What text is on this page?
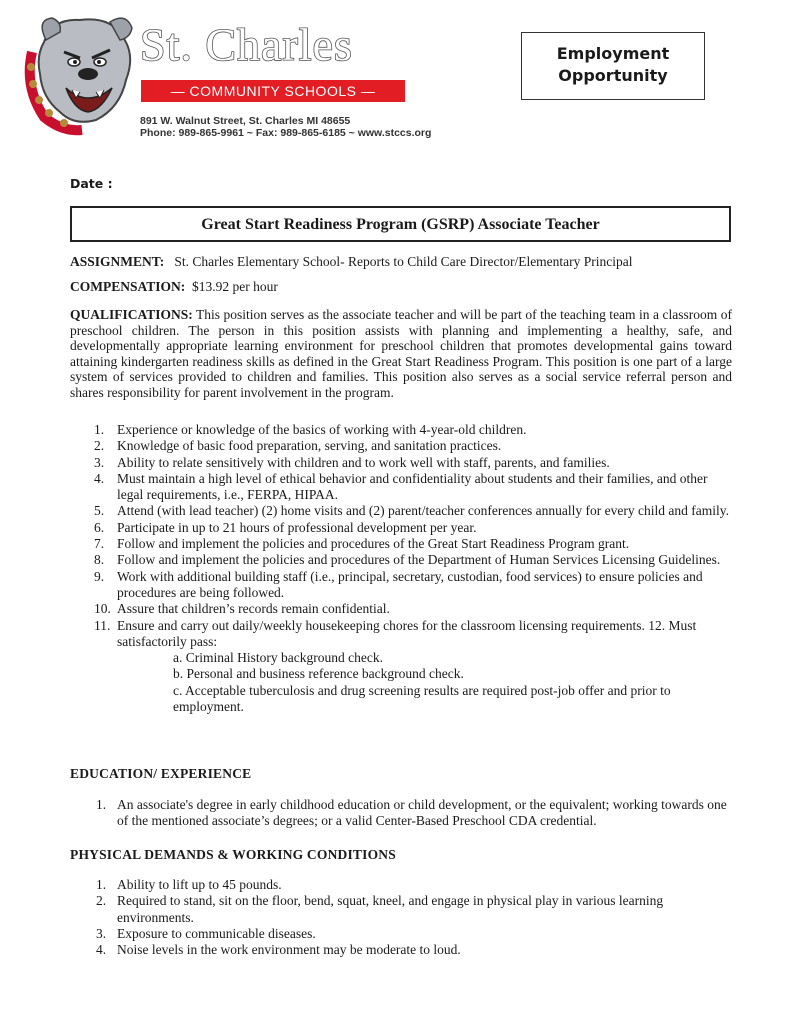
St. Charles
— COMMUNITY SCHOOLS —
891 W. Walnut Street, St. Charles MI 48655
Phone: 989-865-9961 ~ Fax: 989-865-6185 ~ www.stccs.org
Employment
Opportunity
Date :
Great Start Readiness Program (GSRP) Associate Teacher
ASSIGNMENT: St. Charles Elementary School- Reports to Child Care Director/Elementary Principal
COMPENSATION: $13.92 per hour
QUALIFICATIONS: This position serves as the associate teacher and will be part of the teaching team in a classroom of preschool children. The person in this position assists with planning and implementing a healthy, safe, and developmentally appropriate learning environment for preschool children that promotes developmental gains toward attaining kindergarten readiness skills as defined in the Great Start Readiness Program. This position is one part of a large system of services provided to children and families. This position also serves as a social service referral person and shares responsibility for parent involvement in the program.
1. Experience or knowledge of the basics of working with 4-year-old children.
2. Knowledge of basic food preparation, serving, and sanitation practices.
3. Ability to relate sensitively with children and to work well with staff, parents, and families.
4. Must maintain a high level of ethical behavior and confidentiality about students and their families, and other legal requirements, i.e., FERPA, HIPAA.
5. Attend (with lead teacher) (2) home visits and (2) parent/teacher conferences annually for every child and family.
6. Participate in up to 21 hours of professional development per year.
7. Follow and implement the policies and procedures of the Great Start Readiness Program grant.
8. Follow and implement the policies and procedures of the Department of Human Services Licensing Guidelines.
9. Work with additional building staff (i.e., principal, secretary, custodian, food services) to ensure policies and procedures are being followed.
10. Assure that children’s records remain confidential.
11. Ensure and carry out daily/weekly housekeeping chores for the classroom licensing requirements. 12. Must satisfactorily pass:
a. Criminal History background check.
b. Personal and business reference background check.
c. Acceptable tuberculosis and drug screening results are required post-job offer and prior to employment.
EDUCATION/ EXPERIENCE
1. An associate's degree in early childhood education or child development, or the equivalent; working towards one of the mentioned associate’s degrees; or a valid Center-Based Preschool CDA credential.
PHYSICAL DEMANDS & WORKING CONDITIONS
1. Ability to lift up to 45 pounds.
2. Required to stand, sit on the floor, bend, squat, kneel, and engage in physical play in various learning environments.
3. Exposure to communicable diseases.
4. Noise levels in the work environment may be moderate to loud.
